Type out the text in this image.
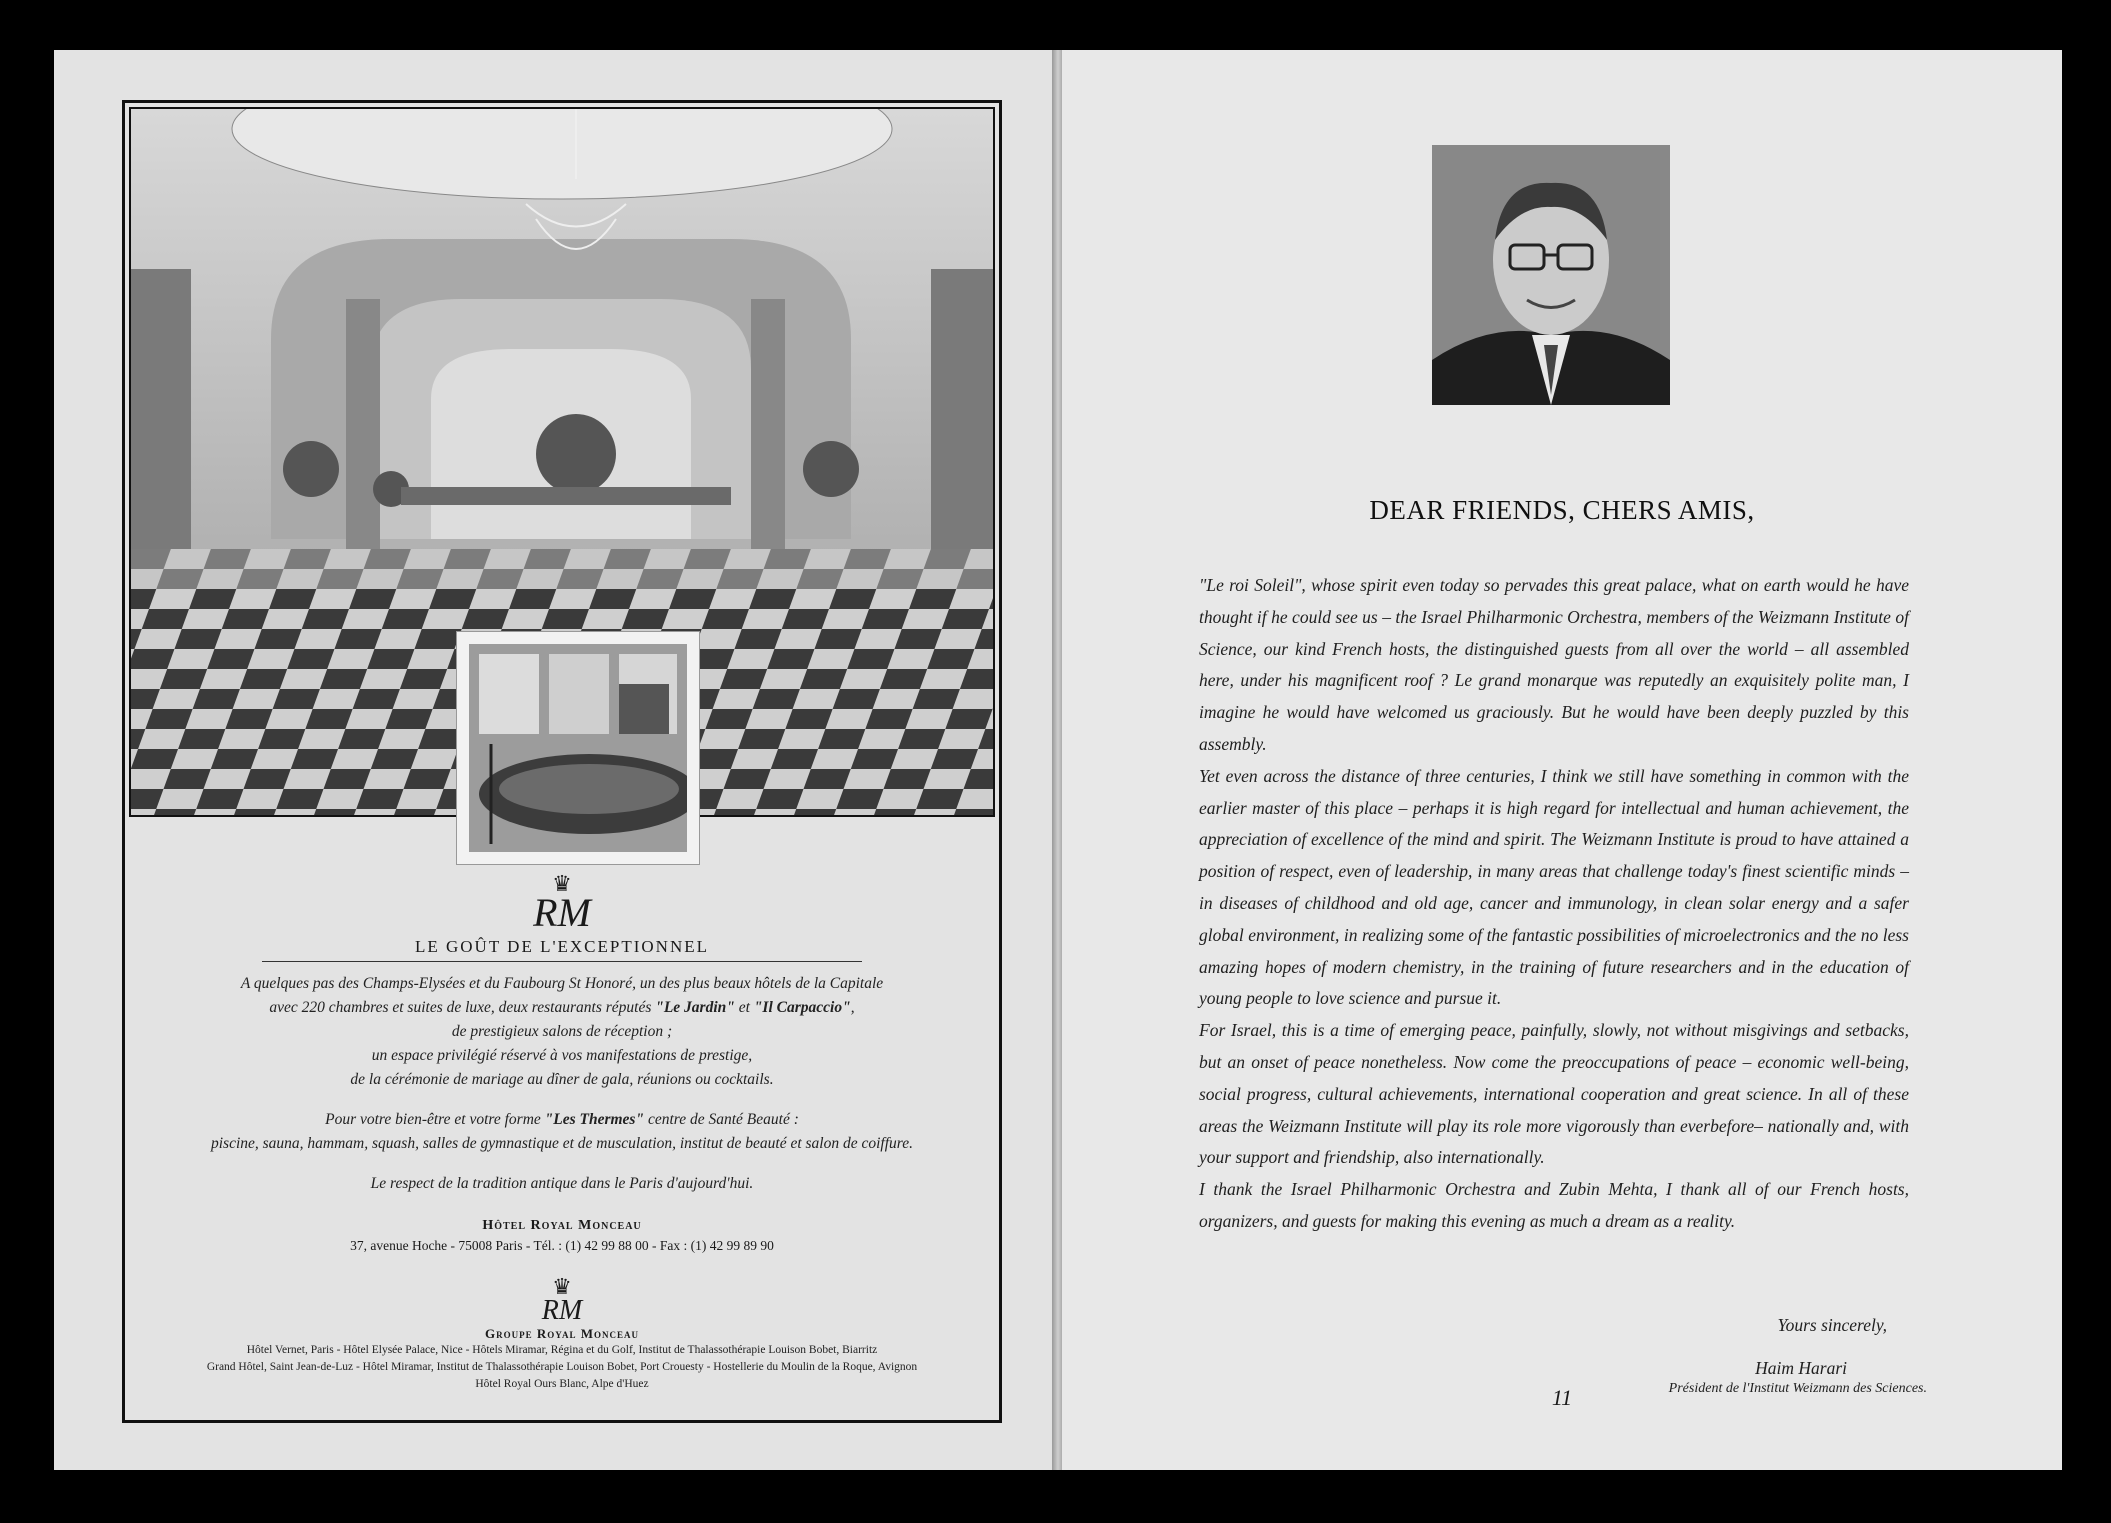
♛
RM
LE GOÛT DE L'EXCEPTIONNEL
A quelques pas des Champs-Elysées et du Faubourg St Honoré, un des plus beaux hôtels de la Capitale
avec 220 chambres et suites de luxe, deux restaurants réputés "Le Jardin" et "Il Carpaccio",
de prestigieux salons de réception ;
un espace privilégié réservé à vos manifestations de prestige,
de la cérémonie de mariage au dîner de gala, réunions ou cocktails.
Pour votre bien-être et votre forme "Les Thermes" centre de Santé Beauté :
piscine, sauna, hammam, squash, salles de gymnastique et de musculation, institut de beauté et salon de coiffure.
Le respect de la tradition antique dans le Paris d'aujourd'hui.
Hôtel Royal Monceau
37, avenue Hoche - 75008 Paris - Tél. : (1) 42 99 88 00 - Fax : (1) 42 99 89 90
♛
RM
Groupe Royal Monceau
Hôtel Vernet, Paris - Hôtel Elysée Palace, Nice - Hôtels Miramar, Régina et du Golf, Institut de Thalassothérapie Louison Bobet, Biarritz
Grand Hôtel, Saint Jean-de-Luz - Hôtel Miramar, Institut de Thalassothérapie Louison Bobet, Port Crouesty - Hostellerie du Moulin de la Roque, Avignon
Hôtel Royal Ours Blanc, Alpe d'Huez
DEAR FRIENDS, CHERS AMIS,

"Le roi Soleil", whose spirit even today so pervades this great palace, what on earth would he have thought if he could see us – the Israel Philharmonic Orchestra, members of the Weizmann Institute of Science, our kind French hosts, the distinguished guests from all over the world – all assembled here, under his magnificent roof ? Le grand monarque was reputedly an exquisitely polite man, I imagine he would have welcomed us graciously. But he would have been deeply puzzled by this assembly.

Yet even across the distance of three centuries, I think we still have something in common with the earlier master of this place – perhaps it is high regard for intellectual and human achievement, the appreciation of excellence of the mind and spirit. The Weizmann Institute is proud to have attained a position of respect, even of leadership, in many areas that challenge today's finest scientific minds – in diseases of childhood and old age, cancer and immunology, in clean solar energy and a safer global environment, in realizing some of the fantastic possibilities of microelectronics and the no less amazing hopes of modern chemistry, in the training of future researchers and in the education of young people to love science and pursue it.

For Israel, this is a time of emerging peace, painfully, slowly, not without misgivings and setbacks, but an onset of peace nonetheless. Now come the preoccupations of peace – economic well-being, social progress, cultural achievements, international cooperation and great science. In all of these areas the Weizmann Institute will play its role more vigorously than everbefore– nationally and, with your support and friendship, also internationally.

I thank the Israel Philharmonic Orchestra and Zubin Mehta, I thank all of our French hosts, organizers, and guests for making this evening as much a dream as a reality.

Yours sincerely,
Haim Harari
Président de l'Institut Weizmann des Sciences.
11
